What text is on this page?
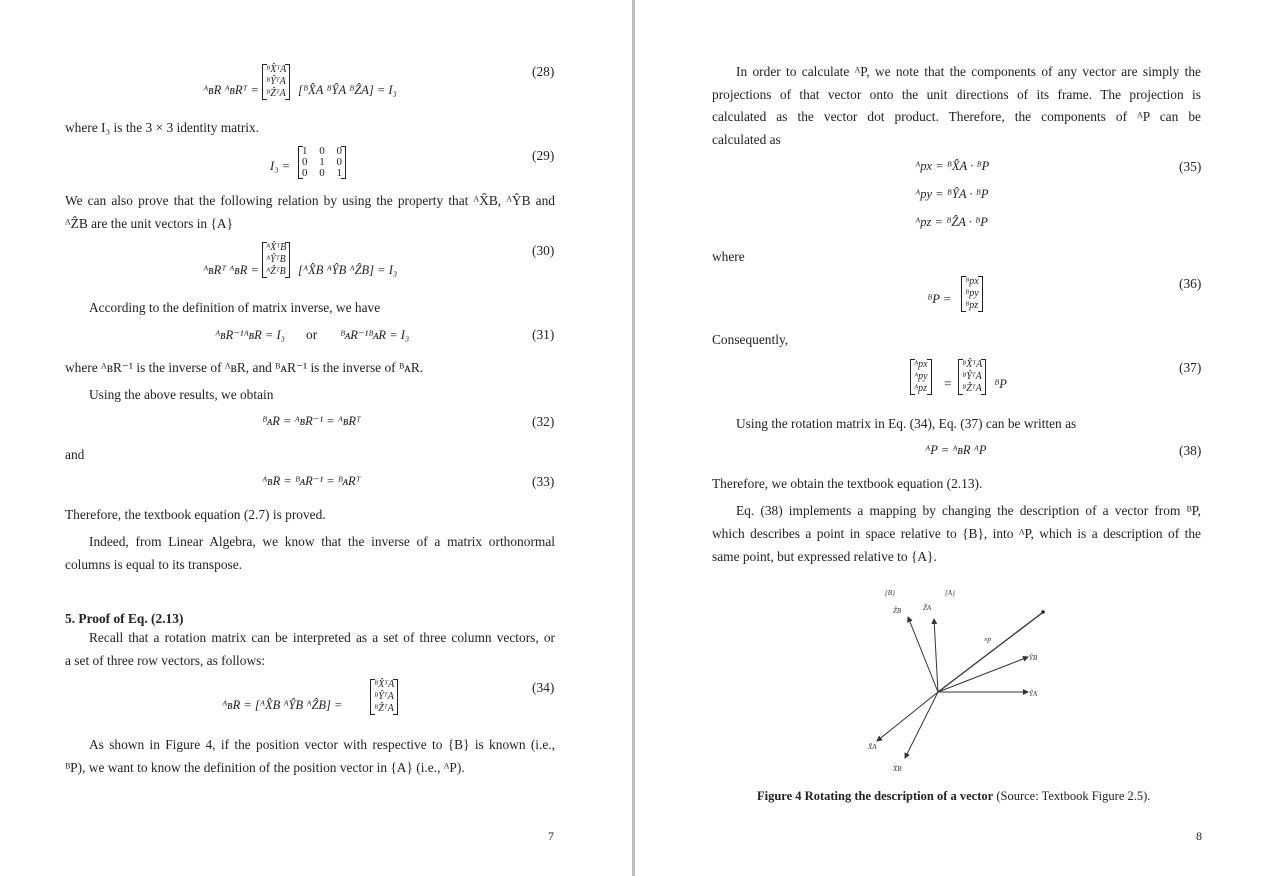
ᴬʙR ᴬʙRᵀ =
ᴮX̂ᵀA
ᴮŶᵀA
ᴮẐᵀA [ᴮX̂A ᴮŶA ᴮẐA] = I₃
(28)
where I₃ is the 3 × 3 identity matrix.
I₃ =
1 0 0
0 1 0
0 0 1
(29)
We can also prove that the following relation by using the property that ᴬX̂B, ᴬŶB and
ᴬẐB are the unit vectors in {A}
ᴬʙRᵀ ᴬʙR =
ᴬX̂ᵀB
ᴬŶᵀB
ᴬẐᵀB [ᴬX̂B ᴬŶB ᴬẐB] = I₃
(30)
According to the definition of matrix inverse, we have
ᴬʙR⁻¹ᴬʙR = I₃ or ᴮᴀR⁻¹ᴮᴀR = I₃	(31)
where ᴬʙR⁻¹ is the inverse of ᴬʙR, and ᴮᴀR⁻¹ is the inverse of ᴮᴀR.
Using the above results, we obtain
ᴮᴀR = ᴬʙR⁻¹ = ᴬʙRᵀ	(32)
and
ᴬʙR = ᴮᴀR⁻¹ = ᴮᴀRᵀ	(33)
Therefore, the textbook equation (2.7) is proved.
Indeed, from Linear Algebra, we know that the inverse of a matrix orthonormal
columns is equal to its transpose.
5. Proof of Eq. (2.13)
Recall that a rotation matrix can be interpreted as a set of three column vectors, or
a set of three row vectors, as follows:
ᴬʙR = [ᴬX̂B ᴬŶB ᴬẐB] =
ᴮX̂ᵀA
ᴮŶᵀA
ᴮẐᵀA
(34)
As shown in Figure 4, if the position vector with respective to {B} is known (i.e.,
ᴮP), we want to know the definition of the position vector in {A} (i.e., ᴬP).
7
In order to calculate ᴬP, we note that the components of any vector are simply the
projections of that vector onto the unit directions of its frame. The projection is
calculated as the vector dot product. Therefore, the components of ᴬP can be
calculated as
ᴬpx = ᴮX̂A · ᴮP
ᴬpy = ᴮŶA · ᴮP
ᴬpz = ᴮẐA · ᴮP
(35)
where
ᴮP =
ᴮpx
ᴮpy
ᴮpz
(36)
Consequently,
ᴬpx
ᴬpy
ᴬpz =
ᴮX̂ᵀA
ᴮŶᵀA
ᴮẐᵀA ᴮP
(37)
Using the rotation matrix in Eq. (34), Eq. (37) can be written as
ᴬP = ᴬʙR ᴬP	(38)
Therefore, we obtain the textbook equation (2.13).
Eq. (38) implements a mapping by changing the description of a vector from ᴮP,
which describes a point in space relative to {B}, into ᴬP, which is a description of the
same point, but expressed relative to {A}.
{B}	{A}
ẐB	ẐA
ᴮP
ŶB
ŶA
X̂A
X̂B
Figure 4 Rotating the description of a vector (Source: Textbook Figure 2.5).
8
